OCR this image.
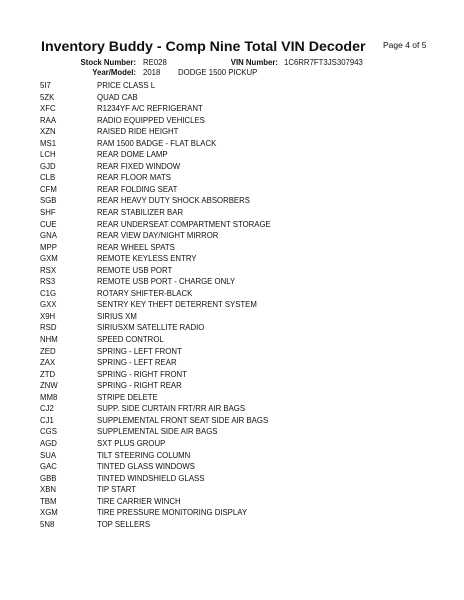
Page 4 of 5
Inventory Buddy - Comp Nine Total VIN Decoder
Stock Number: RE028	VIN Number: 1C6RR7FT3JS307943
Year/Model: 2018 DODGE 1500 PICKUP
5I7	PRICE CLASS L
5ZK	QUAD CAB
XFC	R1234YF A/C REFRIGERANT
RAA	RADIO EQUIPPED VEHICLES
XZN	RAISED RIDE HEIGHT
MS1	RAM 1500 BADGE - FLAT BLACK
LCH	REAR DOME LAMP
GJD	REAR FIXED WINDOW
CLB	REAR FLOOR MATS
CFM	REAR FOLDING SEAT
SGB	REAR HEAVY DUTY SHOCK ABSORBERS
SHF	REAR STABILIZER BAR
CUE	REAR UNDERSEAT COMPARTMENT STORAGE
GNA	REAR VIEW DAY/NIGHT MIRROR
MPP	REAR WHEEL SPATS
GXM	REMOTE KEYLESS ENTRY
RSX	REMOTE USB PORT
RS3	REMOTE USB PORT - CHARGE ONLY
C1G	ROTARY SHIFTER-BLACK
GXX	SENTRY KEY THEFT DETERRENT SYSTEM
X9H	SIRIUS XM
RSD	SIRIUSXM SATELLITE RADIO
NHM	SPEED CONTROL
ZED	SPRING - LEFT FRONT
ZAX	SPRING - LEFT REAR
ZTD	SPRING - RIGHT FRONT
ZNW	SPRING - RIGHT REAR
MM8	STRIPE DELETE
CJ2	SUPP. SIDE CURTAIN FRT/RR AIR BAGS
CJ1	SUPPLEMENTAL FRONT SEAT SIDE AIR BAGS
CGS	SUPPLEMENTAL SIDE AIR BAGS
AGD	SXT PLUS GROUP
SUA	TILT STEERING COLUMN
GAC	TINTED GLASS WINDOWS
GBB	TINTED WINDSHIELD GLASS
XBN	TIP START
TBM	TIRE CARRIER WINCH
XGM	TIRE PRESSURE MONITORING DISPLAY
5N8	TOP SELLERS
